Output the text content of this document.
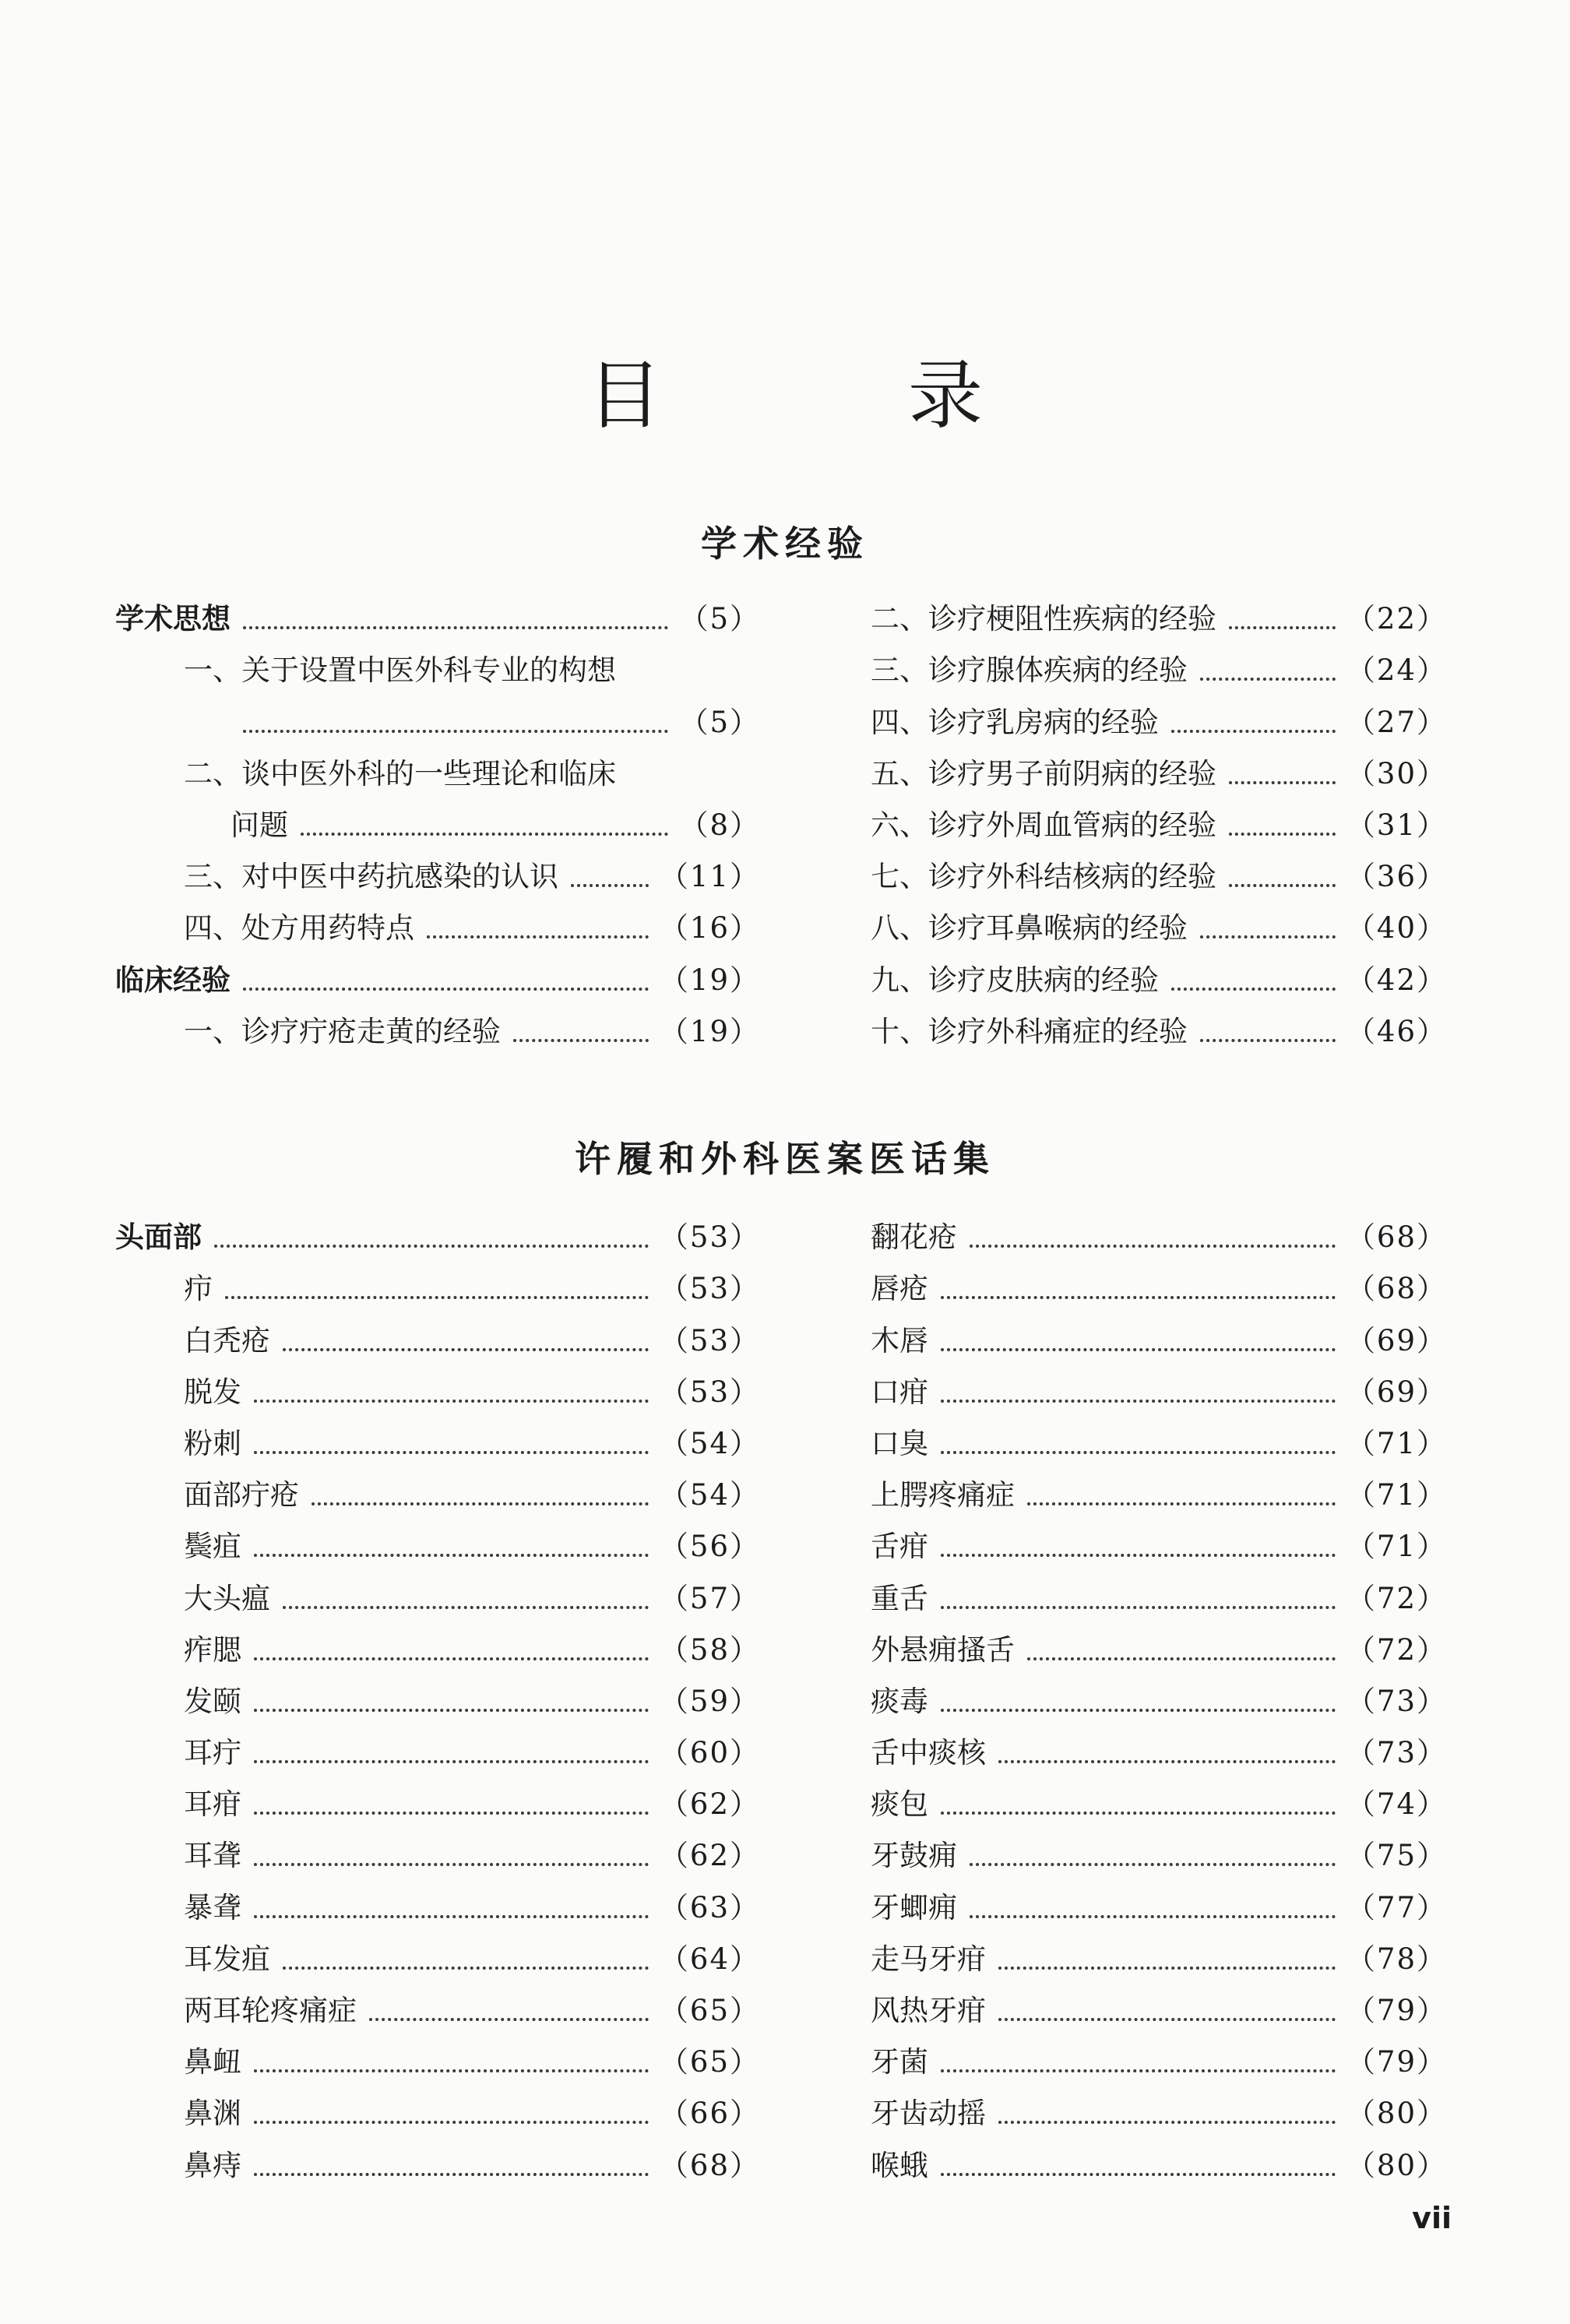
目　录
学术经验
学术思想	（5）
一、关于设置中医外科专业的构想
（5）
二、谈中医外科的一些理论和临床
问题	（8）
三、对中医中药抗感染的认识	（11）
四、处方用药特点	（16）
临床经验	（19）
一、诊疗疔疮走黄的经验	（19）
二、诊疗梗阻性疾病的经验	（22）
三、诊疗腺体疾病的经验	（24）
四、诊疗乳房病的经验	（27）
五、诊疗男子前阴病的经验	（30）
六、诊疗外周血管病的经验	（31）
七、诊疗外科结核病的经验	（36）
八、诊疗耳鼻喉病的经验	（40）
九、诊疗皮肤病的经验	（42）
十、诊疗外科痛症的经验	（46）
许履和外科医案医话集
头面部	（53）
疖	（53）
白秃疮	（53）
脱发	（53）
粉刺	（54）
面部疔疮	（54）
鬓疽	（56）
大头瘟	（57）
痄腮	（58）
发颐	（59）
耳疔	（60）
耳疳	（62）
耳聋	（62）
暴聋	（63）
耳发疽	（64）
两耳轮疼痛症	（65）
鼻衄	（65）
鼻渊	（66）
鼻痔	（68）
翻花疮	（68）
唇疮	（68）
木唇	（69）
口疳	（69）
口臭	（71）
上腭疼痛症	（71）
舌疳	（71）
重舌	（72）
外悬痈搔舌	（72）
痰毒	（73）
舌中痰核	（73）
痰包	（74）
牙鼓痈	（75）
牙蝍痈	（77）
走马牙疳	（78）
风热牙疳	（79）
牙菌	（79）
牙齿动摇	（80）
喉蛾	（80）
vii
